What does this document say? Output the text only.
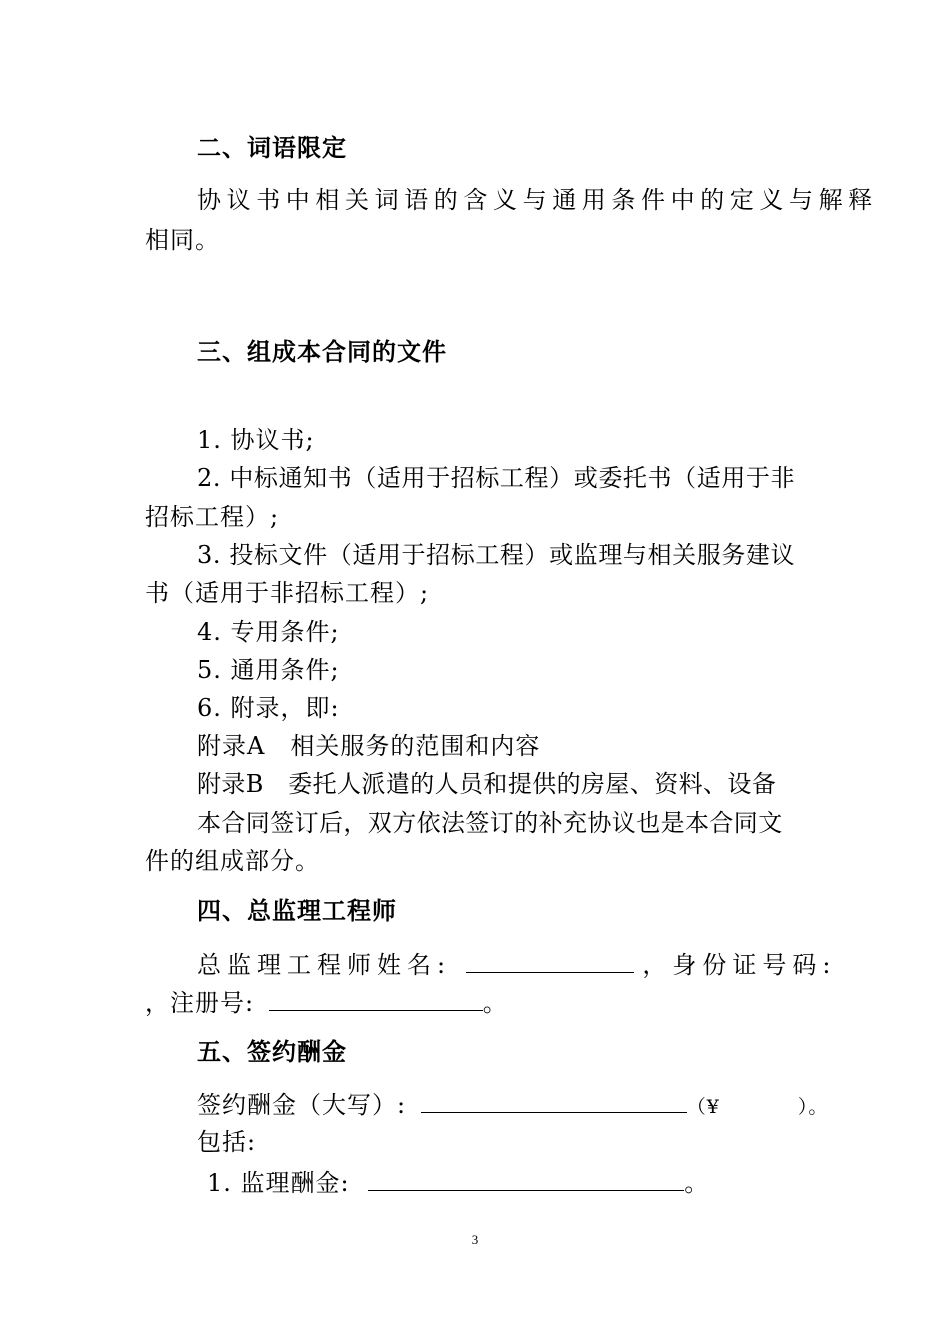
二、词语限定
协议书中相关词语的含义与通用条件中的定义与解释
相同。
三、组成本合同的文件
1. 协议书;
2. 中标通知书（适用于招标工程）或委托书（适用于非
招标工程）;
3. 投标文件（适用于招标工程）或监理与相关服务建议
书（适用于非招标工程）;
4. 专用条件;
5. 通用条件;
6. 附录，即:
附录A　相关服务的范围和内容
附录B　委托人派遣的人员和提供的房屋、资料、设备
本合同签订后，双方依法签订的补充协议也是本合同文
件的组成部分。
四、总监理工程师
总监理工程师姓名:	，身份证号码:
，注册号:	。
五、签约酬金
签约酬金（大写）:	（¥	）。
包括:
1. 监理酬金:	。
3
